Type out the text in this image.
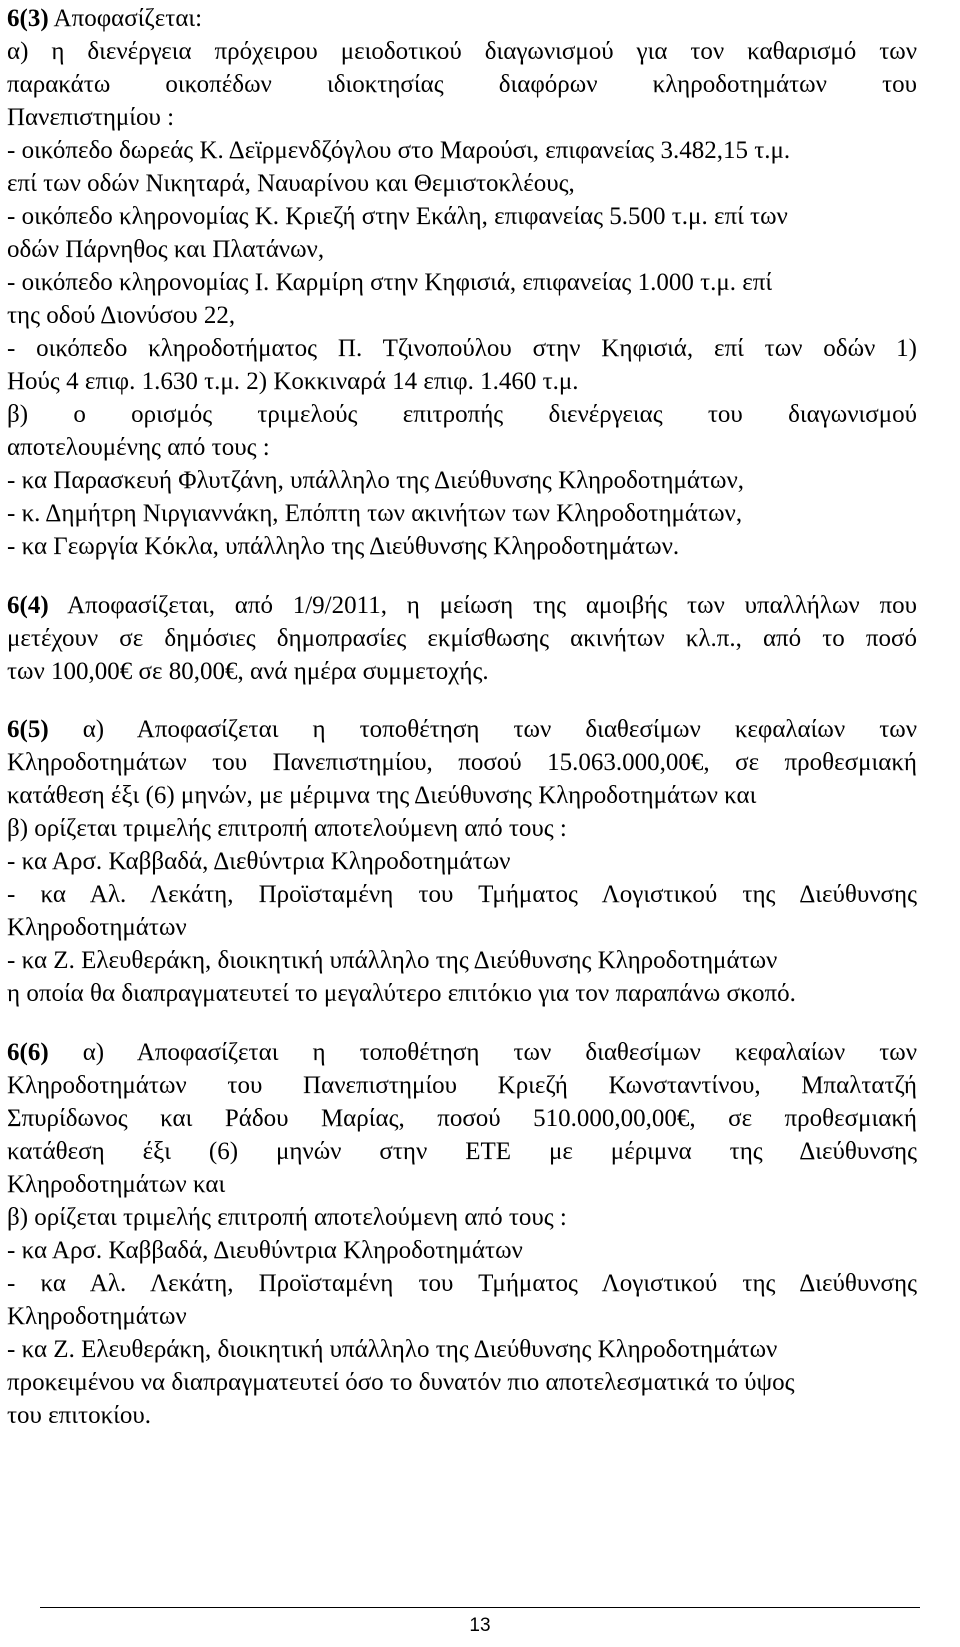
6(3) Αποφασίζεται:
α) η διενέργεια πρόχειρου μειοδοτικού διαγωνισμού για τον καθαρισμό των
παρακάτω οικοπέδων ιδιοκτησίας διαφόρων κληροδοτημάτων του
Πανεπιστημίου :
- οικόπεδο δωρεάς Κ. Δεϊρμενδζόγλου στο Μαρούσι, επιφανείας 3.482,15 τ.μ.
επί των οδών Νικηταρά, Ναυαρίνου και Θεμιστοκλέους,
- οικόπεδο κληρονομίας Κ. Κριεζή στην Εκάλη, επιφανείας 5.500 τ.μ. επί των
οδών Πάρνηθος και Πλατάνων,
- οικόπεδο κληρονομίας Ι. Καρμίρη στην Κηφισιά, επιφανείας 1.000 τ.μ. επί
της οδού Διονύσου 22,
- οικόπεδο κληροδοτήματος Π. Τζινοπούλου στην Κηφισιά, επί των οδών 1)
Ηούς 4 επιφ. 1.630 τ.μ. 2) Κοκκιναρά 14 επιφ. 1.460 τ.μ.
β) ο ορισμός τριμελούς επιτροπής διενέργειας του διαγωνισμού
αποτελουμένης από τους :
- κα Παρασκευή Φλυτζάνη, υπάλληλο της Διεύθυνσης Κληροδοτημάτων,
- κ. Δημήτρη Νιργιαννάκη, Επόπτη των ακινήτων των Κληροδοτημάτων,
- κα Γεωργία Κόκλα, υπάλληλο της Διεύθυνσης Κληροδοτημάτων.
6(4) Αποφασίζεται, από 1/9/2011, η μείωση της αμοιβής των υπαλλήλων που
μετέχουν σε δημόσιες δημοπρασίες εκμίσθωσης ακινήτων κλ.π., από το ποσό
των 100,00€ σε 80,00€, ανά ημέρα συμμετοχής.
6(5) α) Αποφασίζεται η τοποθέτηση των διαθεσίμων κεφαλαίων των
Κληροδοτημάτων του Πανεπιστημίου, ποσού 15.063.000,00€, σε προθεσμιακή
κατάθεση έξι (6) μηνών, με μέριμνα της Διεύθυνσης Κληροδοτημάτων και
β) ορίζεται τριμελής επιτροπή αποτελούμενη από τους :
- κα Αρσ. Καββαδά, Διεθύντρια Κληροδοτημάτων
- κα Αλ. Λεκάτη, Προϊσταμένη του Τμήματος Λογιστικού της Διεύθυνσης
Κληροδοτημάτων
- κα Ζ. Ελευθεράκη, διοικητική υπάλληλο της Διεύθυνσης Κληροδοτημάτων
η οποία θα διαπραγματευτεί το μεγαλύτερο επιτόκιο για τον παραπάνω σκοπό.
6(6) α) Αποφασίζεται η τοποθέτηση των διαθεσίμων κεφαλαίων των
Κληροδοτημάτων του Πανεπιστημίου Κριεζή Κωνσταντίνου, Μπαλτατζή
Σπυρίδωνος και Ράδου Μαρίας, ποσού 510.000,00,00€, σε προθεσμιακή
κατάθεση έξι (6) μηνών στην ΕΤΕ με μέριμνα της Διεύθυνσης
Κληροδοτημάτων και
β) ορίζεται τριμελής επιτροπή αποτελούμενη από τους :
- κα Αρσ. Καββαδά, Διευθύντρια Κληροδοτημάτων
- κα Αλ. Λεκάτη, Προϊσταμένη του Τμήματος Λογιστικού της Διεύθυνσης
Κληροδοτημάτων
- κα Ζ. Ελευθεράκη, διοικητική υπάλληλο της Διεύθυνσης Κληροδοτημάτων
προκειμένου να διαπραγματευτεί όσο το δυνατόν πιο αποτελεσματικά το ύψος
του επιτοκίου.
13
